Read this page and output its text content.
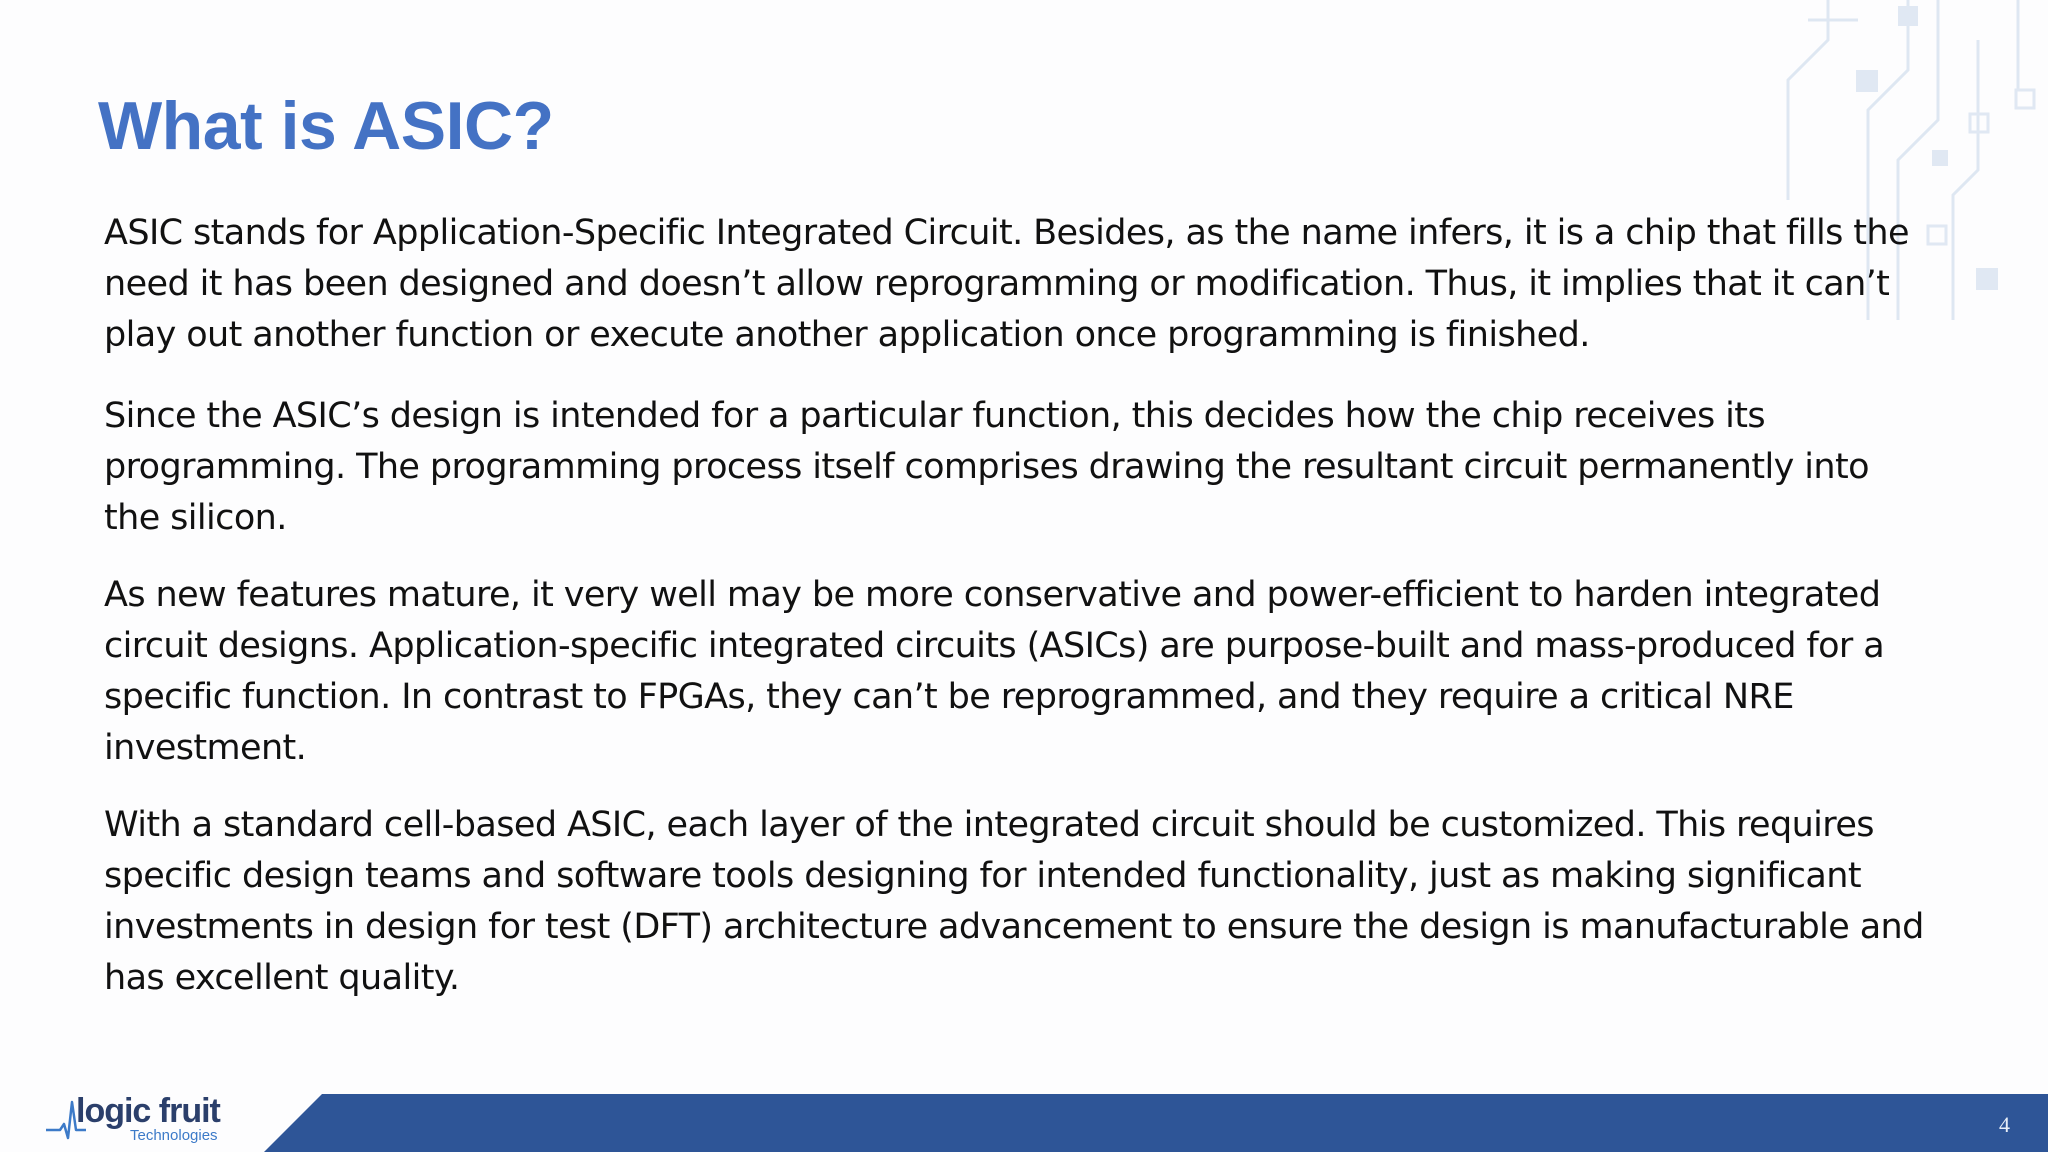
What is ASIC?

ASIC stands for Application-Specific Integrated Circuit. Besides, as the name infers, it is a chip that fills the
need it has been designed and doesn’t allow reprogramming or modification. Thus, it implies that it can’t
play out another function or execute another application once programming is finished.

Since the ASIC’s design is intended for a particular function, this decides how the chip receives its
programming. The programming process itself comprises drawing the resultant circuit permanently into
the silicon.

As new features mature, it very well may be more conservative and power-efficient to harden integrated
circuit designs. Application-specific integrated circuits (ASICs) are purpose-built and mass-produced for a
specific function. In contrast to FPGAs, they can’t be reprogrammed, and they require a critical NRE
investment.

With a standard cell-based ASIC, each layer of the integrated circuit should be customized. This requires
specific design teams and software tools designing for intended functionality, just as making significant
investments in design for test (DFT) architecture advancement to ensure the design is manufacturable and
has excellent quality.

logic fruit
Technologies	4
